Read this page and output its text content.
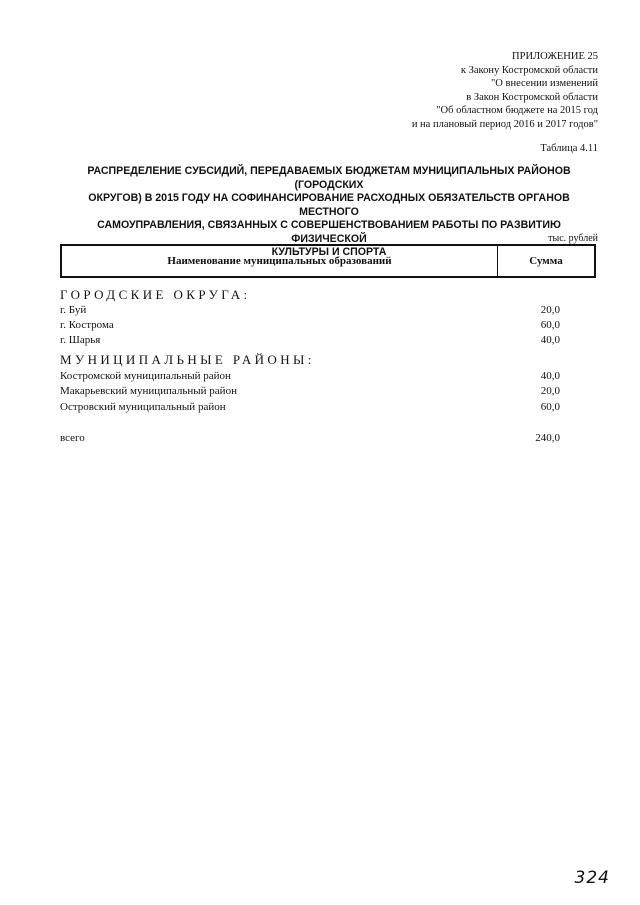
ПРИЛОЖЕНИЕ 25
к Закону Костромской области
"О внесении изменений
в Закон Костромской области
"Об областном бюджете на 2015 год
и на плановый период 2016 и 2017 годов"
Таблица 4.11
РАСПРЕДЕЛЕНИЕ СУБСИДИЙ, ПЕРЕДАВАЕМЫХ БЮДЖЕТАМ МУНИЦИПАЛЬНЫХ РАЙОНОВ (ГОРОДСКИХ
ОКРУГОВ) В 2015 ГОДУ НА СОФИНАНСИРОВАНИЕ РАСХОДНЫХ ОБЯЗАТЕЛЬСТВ ОРГАНОВ МЕСТНОГО
САМОУПРАВЛЕНИЯ, СВЯЗАННЫХ С СОВЕРШЕНСТВОВАНИЕМ РАБОТЫ ПО РАЗВИТИЮ ФИЗИЧЕСКОЙ
КУЛЬТУРЫ И СПОРТА
тыс. рублей
Наименование муниципальных образований	Сумма
ГОРОДСКИЕ ОКРУГА:
г. Буй	20,0
г. Кострома	60,0
г. Шарья	40,0
МУНИЦИПАЛЬНЫЕ РАЙОНЫ:
Костромской муниципальный район	40,0
Макарьевский муниципальный район	20,0
Островский муниципальный район	60,0
всего	240,0
324
